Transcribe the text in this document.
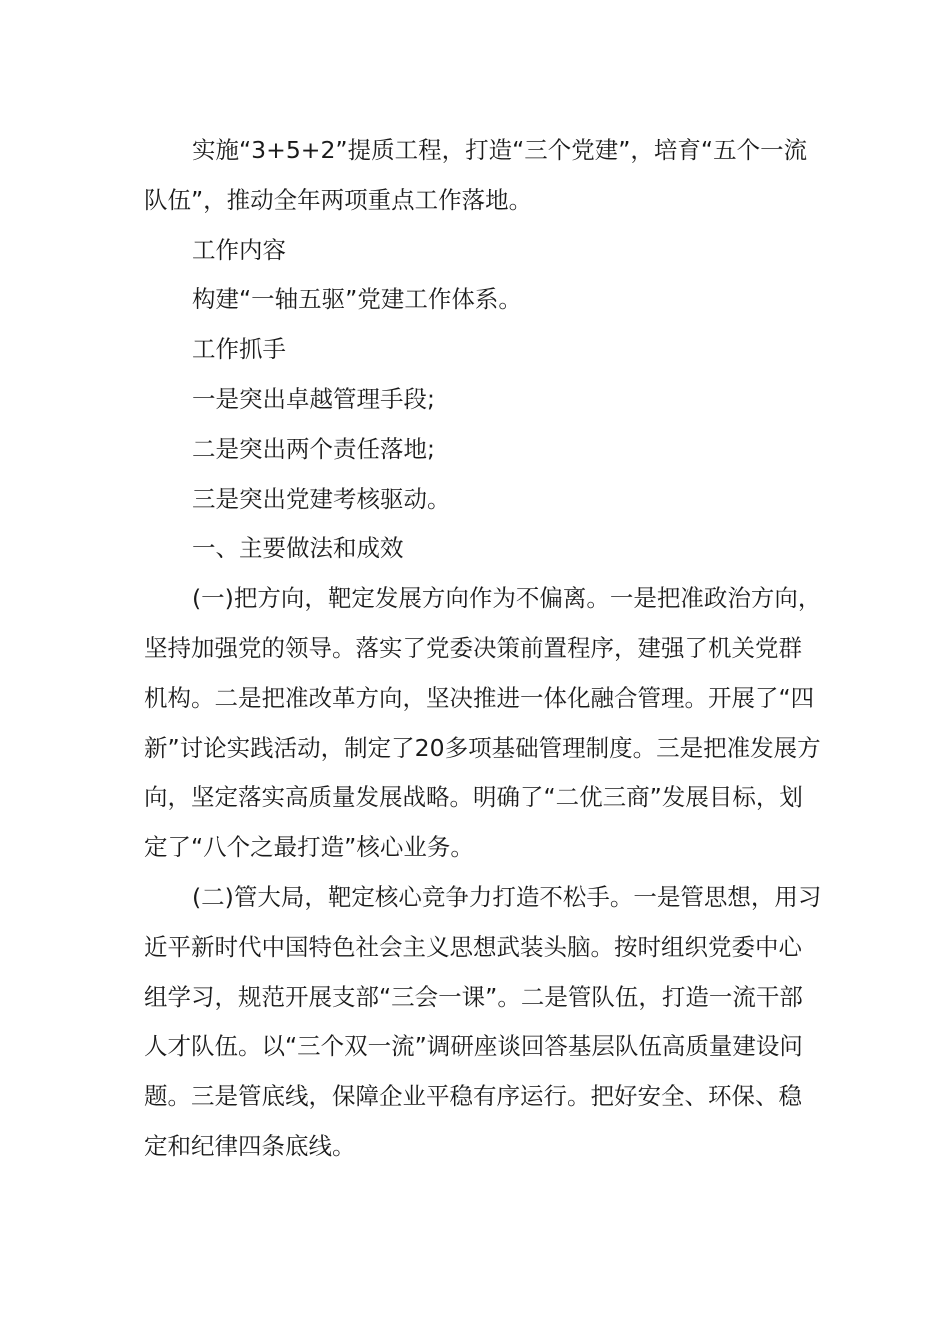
实施“3+5+2”提质工程，打造“三个党建”，培育“五个一流队伍”，推动全年两项重点工作落地。

工作内容

构建“一轴五驱”党建工作体系。

工作抓手

一是突出卓越管理手段;

二是突出两个责任落地;

三是突出党建考核驱动。

一、主要做法和成效

(一)把方向，靶定发展方向作为不偏离。一是把准政治方向，坚持加强党的领导。落实了党委决策前置程序，建强了机关党群机构。二是把准改革方向，坚决推进一体化融合管理。开展了“四新”讨论实践活动，制定了20多项基础管理制度。三是把准发展方向，坚定落实高质量发展战略。明确了“二优三商”发展目标，划定了“八个之最打造”核心业务。

(二)管大局，靶定核心竞争力打造不松手。一是管思想，用习近平新时代中国特色社会主义思想武装头脑。按时组织党委中心组学习，规范开展支部“三会一课”。二是管队伍，打造一流干部人才队伍。以“三个双一流”调研座谈回答基层队伍高质量建设问题。三是管底线，保障企业平稳有序运行。把好安全、环保、稳定和纪律四条底线。
